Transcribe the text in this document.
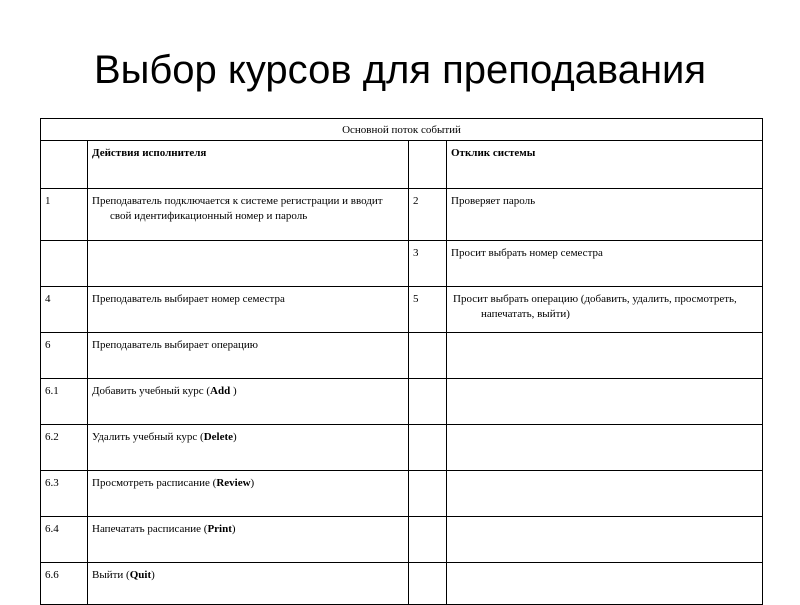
Выбор курсов для преподавания
Основной поток событий			
	Действия исполнителя		Отклик системы
1	Преподаватель подключается к системе регистрации и вводит свой идентификационный номер и пароль	2	Проверяет пароль
		3	Просит выбрать номер семестра
4	Преподаватель выбирает номер семестра	5	Просит выбрать операцию (добавить, удалить, просмотреть, напечатать, выйти)
6	Преподаватель выбирает операцию		
6.1	Добавить учебный курс (Add )		
6.2	Удалить учебный курс (Delete)		
6.3	Просмотреть расписание (Review)		
6.4	Напечатать расписание (Print)		
6.6	Выйти (Quit)		
